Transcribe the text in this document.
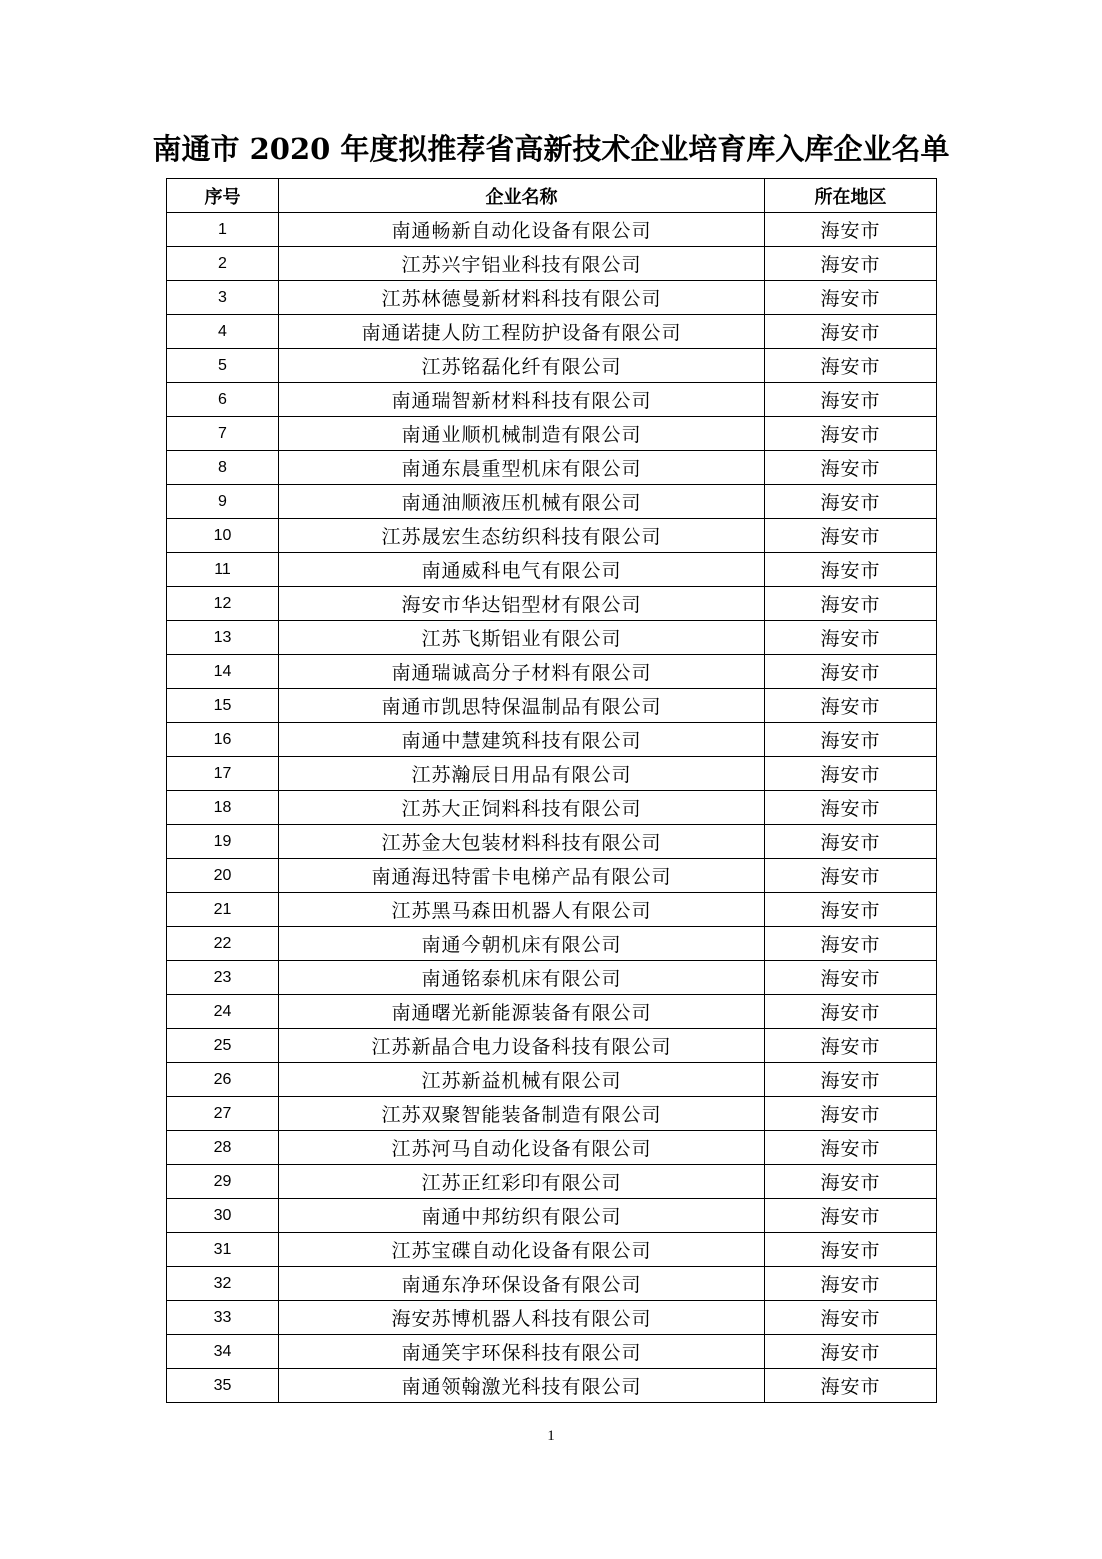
南通市 2020 年度拟推荐省高新技术企业培育库入库企业名单
序号	企业名称	所在地区
1	南通畅新自动化设备有限公司	海安市
2	江苏兴宇铝业科技有限公司	海安市
3	江苏林德曼新材料科技有限公司	海安市
4	南通诺捷人防工程防护设备有限公司	海安市
5	江苏铭磊化纤有限公司	海安市
6	南通瑞智新材料科技有限公司	海安市
7	南通业顺机械制造有限公司	海安市
8	南通东晨重型机床有限公司	海安市
9	南通油顺液压机械有限公司	海安市
10	江苏晟宏生态纺织科技有限公司	海安市
11	南通威科电气有限公司	海安市
12	海安市华达铝型材有限公司	海安市
13	江苏飞斯铝业有限公司	海安市
14	南通瑞诚高分子材料有限公司	海安市
15	南通市凯思特保温制品有限公司	海安市
16	南通中慧建筑科技有限公司	海安市
17	江苏瀚辰日用品有限公司	海安市
18	江苏大正饲料科技有限公司	海安市
19	江苏金大包装材料科技有限公司	海安市
20	南通海迅特雷卡电梯产品有限公司	海安市
21	江苏黑马森田机器人有限公司	海安市
22	南通今朝机床有限公司	海安市
23	南通铭泰机床有限公司	海安市
24	南通曙光新能源装备有限公司	海安市
25	江苏新晶合电力设备科技有限公司	海安市
26	江苏新益机械有限公司	海安市
27	江苏双聚智能装备制造有限公司	海安市
28	江苏河马自动化设备有限公司	海安市
29	江苏正红彩印有限公司	海安市
30	南通中邦纺织有限公司	海安市
31	江苏宝碟自动化设备有限公司	海安市
32	南通东净环保设备有限公司	海安市
33	海安苏博机器人科技有限公司	海安市
34	南通笑宇环保科技有限公司	海安市
35	南通领翰激光科技有限公司	海安市
1
